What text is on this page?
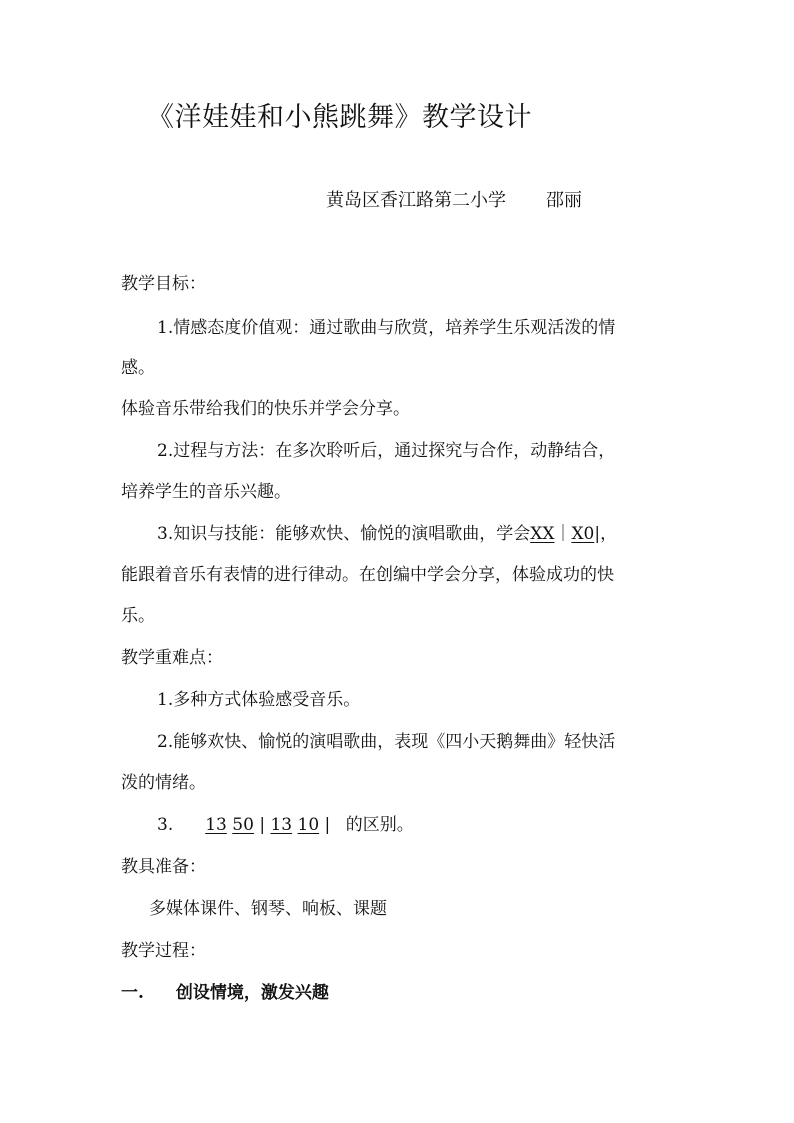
《洋娃娃和小熊跳舞》教学设计
黄岛区香江路第二小学 邵丽
教学目标：
1.情感态度价值观：通过歌曲与欣赏，培养学生乐观活泼的情
感。
体验音乐带给我们的快乐并学会分享。
2.过程与方法：在多次聆听后，通过探究与合作，动静结合，
培养学生的音乐兴趣。
3.知识与技能：能够欢快、愉悦的演唱歌曲，学会XX｜X0|，
能跟着音乐有表情的进行律动。在创编中学会分享，体验成功的快
乐。
教学重难点：
1.多种方式体验感受音乐。
2.能够欢快、愉悦的演唱歌曲，表现《四小天鹅舞曲》轻快活
泼的情绪。
3. 13 50 | 13 10 | 的区别。
教具准备：
多媒体课件、钢琴、响板、课题
教学过程：
一. 创设情境，激发兴趣
